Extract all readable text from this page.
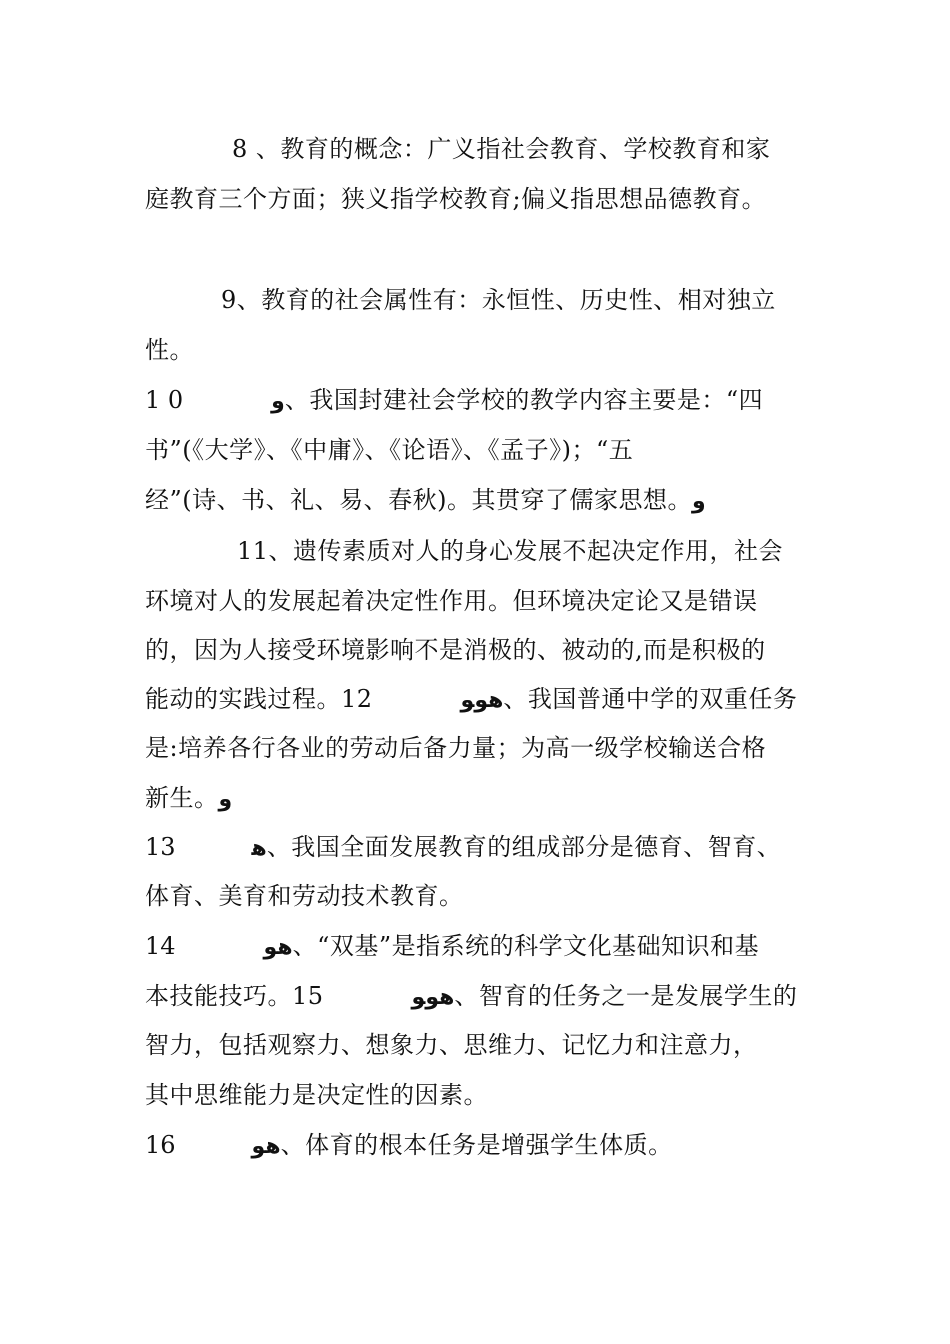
8 、教育的概念：广义指社会教育、学校教育和家
庭教育三个方面；狭义指学校教育;偏义指思想品德教育。
9、教育的社会属性有：永恒性、历史性、相对独立
性。
1 0	و、我国封建社会学校的教学内容主要是：“四
书”(《大学》、《中庸》、《论语》、《孟子》)；“五
经”(诗、书、礼、易、春秋)。其贯穿了儒家思想。و
11、遗传素质对人的身心发展不起决定作用，社会
环境对人的发展起着决定性作用。但环境决定论又是错误
的，因为人接受环境影响不是消极的、被动的,而是积极的
能动的实践过程。12	ﻫﻮﻮ、我国普通中学的双重任务
是:培养各行各业的劳动后备力量；为高一级学校输送合格
新生。و
13	ﻫ、我国全面发展教育的组成部分是德育、智育、
体育、美育和劳动技术教育。
14	ﻫﻮ、“双基”是指系统的科学文化基础知识和基
本技能技巧。15	ﻫﻮﻮ、智育的任务之一是发展学生的
智力，包括观察力、想象力、思维力、记忆力和注意力，
其中思维能力是决定性的因素。
16	ﻫﻮ、体育的根本任务是增强学生体质。
